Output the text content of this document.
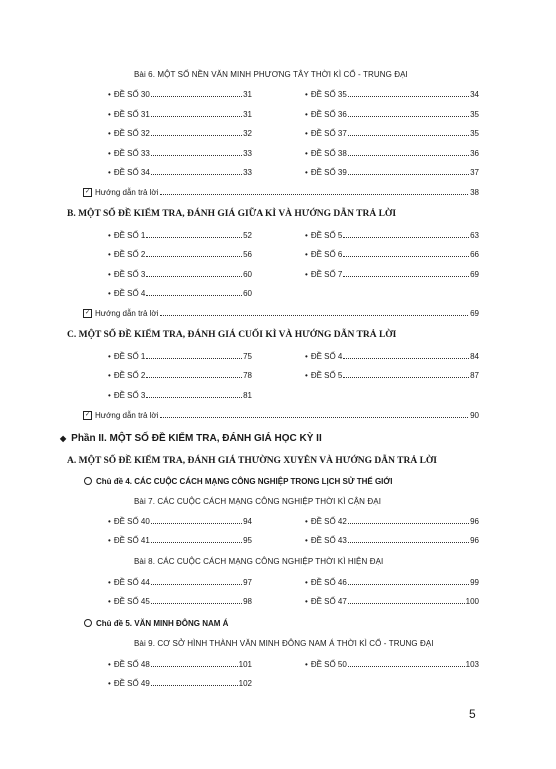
Bài 6. MỘT SỐ NỀN VĂN MINH PHƯƠNG TÂY THỜI KÌ CỔ - TRUNG ĐẠI
• ĐỀ SỐ 30	31
• ĐỀ SỐ 31	31
• ĐỀ SỐ 32	32
• ĐỀ SỐ 33	33
• ĐỀ SỐ 34	33
• ĐỀ SỐ 35	34
• ĐỀ SỐ 36	35
• ĐỀ SỐ 37	35
• ĐỀ SỐ 38	36
• ĐỀ SỐ 39	37
✓ Hướng dẫn trả lời	38
B. MỘT SỐ ĐỀ KIỂM TRA, ĐÁNH GIÁ GIỮA KÌ VÀ HƯỚNG DẪN TRẢ LỜI
• ĐỀ SỐ 1	52
• ĐỀ SỐ 2	56
• ĐỀ SỐ 3	60
• ĐỀ SỐ 4	60
• ĐỀ SỐ 5	63
• ĐỀ SỐ 6	66
• ĐỀ SỐ 7	69
✓ Hướng dẫn trả lời	69
C. MỘT SỐ ĐỀ KIỂM TRA, ĐÁNH GIÁ CUỐI KÌ VÀ HƯỚNG DẪN TRẢ LỜI
• ĐỀ SỐ 1	75
• ĐỀ SỐ 2	78
• ĐỀ SỐ 3	81
• ĐỀ SỐ 4	84
• ĐỀ SỐ 5	87
✓ Hướng dẫn trả lời	90
◆ Phần II. MỘT SỐ ĐỀ KIỂM TRA, ĐÁNH GIÁ HỌC KỲ II
A. MỘT SỐ ĐỀ KIỂM TRA, ĐÁNH GIÁ THƯỜNG XUYÊN VÀ HƯỚNG DẪN TRẢ LỜI
Chủ đề 4. CÁC CUỘC CÁCH MẠNG CÔNG NGHIỆP TRONG LỊCH SỬ THẾ GIỚI
Bài 7. CÁC CUỘC CÁCH MẠNG CÔNG NGHIỆP THỜI KÌ CẬN ĐẠI
• ĐỀ SỐ 40	94
• ĐỀ SỐ 41	95
• ĐỀ SỐ 42	96
• ĐỀ SỐ 43	96
Bài 8. CÁC CUỘC CÁCH MẠNG CÔNG NGHIỆP THỜI KÌ HIỆN ĐẠI
• ĐỀ SỐ 44	97
• ĐỀ SỐ 45	98
• ĐỀ SỐ 46	99
• ĐỀ SỐ 47	100
Chủ đề 5. VĂN MINH ĐÔNG NAM Á
Bài 9. CƠ SỞ HÌNH THÀNH VĂN MINH ĐÔNG NAM Á THỜI KÌ CỔ - TRUNG ĐẠI
• ĐỀ SỐ 48	101
• ĐỀ SỐ 49	102
• ĐỀ SỐ 50	103
5
